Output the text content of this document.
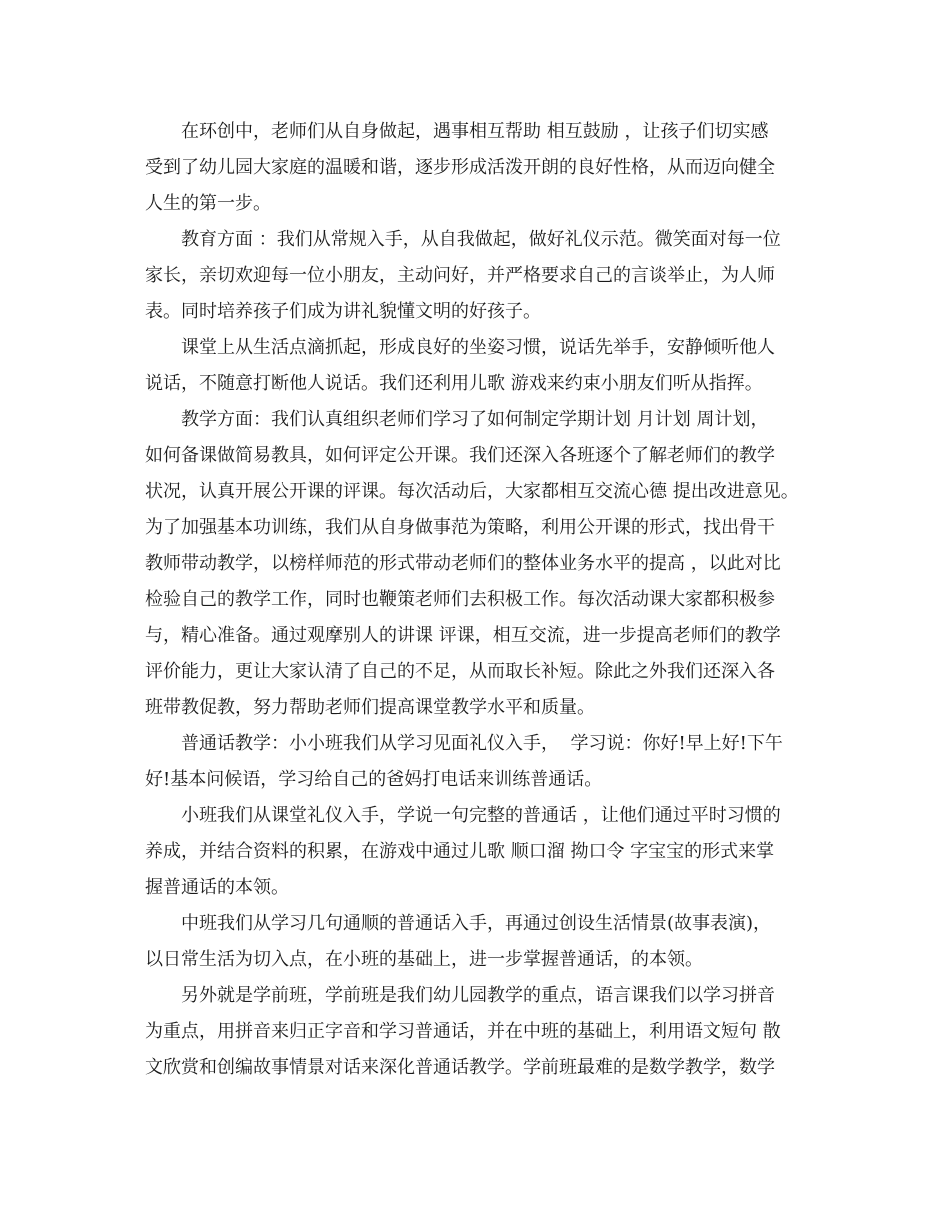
在环创中，老师们从自身做起，遇事相互帮助 相互鼓励 ，让孩子们切实感
受到了幼儿园大家庭的温暖和谐，逐步形成活泼开朗的良好性格，从而迈向健全
人生的第一步。
教育方面 ：我们从常规入手，从自我做起，做好礼仪示范。微笑面对每一位
家长，亲切欢迎每一位小朋友，主动问好，并严格要求自己的言谈举止，为人师
表。同时培养孩子们成为讲礼貌懂文明的好孩子。
课堂上从生活点滴抓起，形成良好的坐姿习惯，说话先举手，安静倾听他人
说话，不随意打断他人说话。我们还利用儿歌 游戏来约束小朋友们听从指挥。
教学方面：我们认真组织老师们学习了如何制定学期计划 月计划 周计划，
如何备课做简易教具，如何评定公开课。我们还深入各班逐个了解老师们的教学
状况，认真开展公开课的评课。每次活动后，大家都相互交流心德 提出改进意见。
为了加强基本功训练，我们从自身做事范为策略，利用公开课的形式，找出骨干
教师带动教学，以榜样师范的形式带动老师们的整体业务水平的提高 ，以此对比
检验自己的教学工作，同时也鞭策老师们去积极工作。每次活动课大家都积极参
与，精心准备。通过观摩别人的讲课 评课，相互交流，进一步提高老师们的教学
评价能力，更让大家认清了自己的不足，从而取长补短。除此之外我们还深入各
班带教促教，努力帮助老师们提高课堂教学水平和质量。
普通话教学：小小班我们从学习见面礼仪入手，  学习说：你好!早上好!下午
好!基本问候语，学习给自己的爸妈打电话来训练普通话。
小班我们从课堂礼仪入手，学说一句完整的普通话 ，让他们通过平时习惯的
养成，并结合资料的积累，在游戏中通过儿歌 顺口溜 拗口令 字宝宝的形式来掌
握普通话的本领。
中班我们从学习几句通顺的普通话入手，再通过创设生活情景(故事表演)，
以日常生活为切入点，在小班的基础上，进一步掌握普通话，的本领。
另外就是学前班，学前班是我们幼儿园教学的重点，语言课我们以学习拼音
为重点，用拼音来归正字音和学习普通话，并在中班的基础上，利用语文短句 散
文欣赏和创编故事情景对话来深化普通话教学。学前班最难的是数学教学，数学
